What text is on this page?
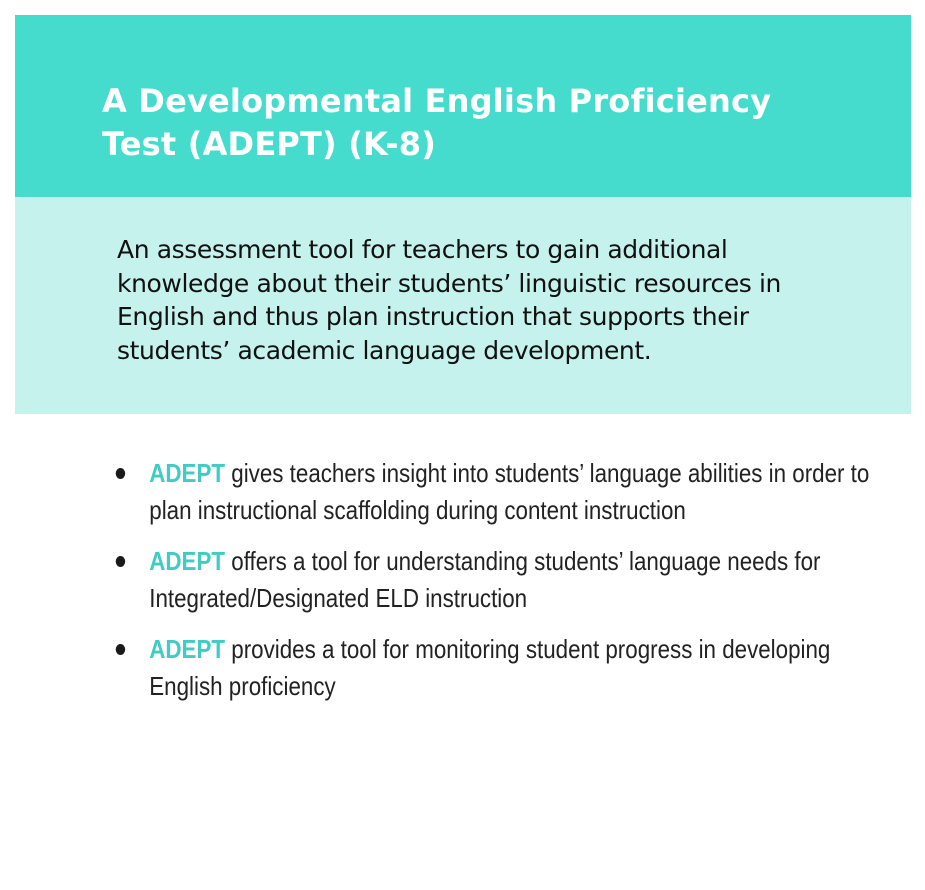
A Developmental English Proficiency
Test (ADEPT) (K-8)

An assessment tool for teachers to gain additional knowledge about their students’ linguistic resources in English and thus plan instruction that supports their students’ academic language development.

ADEPT gives teachers insight into students’ language abilities in order to plan instructional scaffolding during content instruction
ADEPT offers a tool for understanding students’ language needs for Integrated/Designated ELD instruction
ADEPT provides a tool for monitoring student progress in developing English proficiency
